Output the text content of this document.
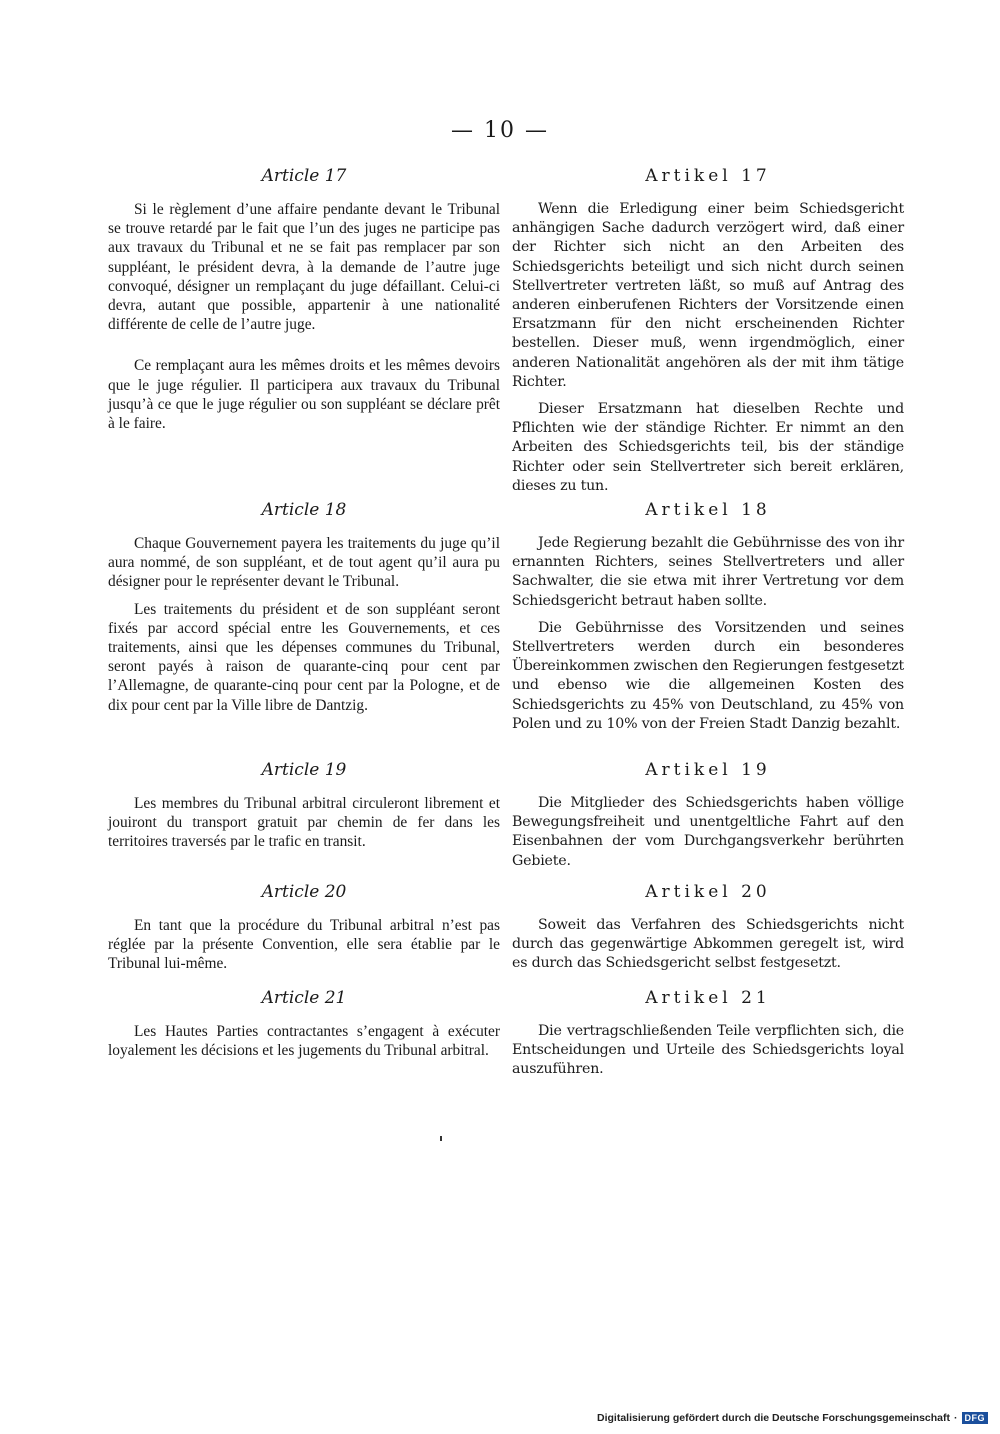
— 10 —
Article 17

Si le règlement d’une affaire pendante devant le Tribunal se trouve retardé par le fait que l’un des juges ne participe pas aux travaux du Tribunal et ne se fait pas remplacer par son suppléant, le président devra, à la demande de l’autre juge convoqué, désigner un remplaçant du juge défaillant. Celui-ci devra, autant que possible, appartenir à une nationalité différente de celle de l’autre juge.

Ce remplaçant aura les mêmes droits et les mêmes devoirs que le juge régulier. Il participera aux travaux du Tribunal jusqu’à ce que le juge régulier ou son suppléant se déclare prêt à le faire.

Article 18

Chaque Gouvernement payera les traitements du juge qu’il aura nommé, de son suppléant, et de tout agent qu’il aura pu désigner pour le représenter devant le Tribunal.

Les traitements du président et de son suppléant seront fixés par accord spécial entre les Gouvernements, et ces traitements, ainsi que les dépenses communes du Tribunal, seront payés à raison de quarante-cinq pour cent par l’Allemagne, de quarante-cinq pour cent par la Pologne, et de dix pour cent par la Ville libre de Dantzig.

Article 19

Les membres du Tribunal arbitral circuleront librement et jouiront du transport gratuit par chemin de fer dans les territoires traversés par le trafic en transit.

Article 20

En tant que la procédure du Tribunal arbitral n’est pas réglée par la présente Convention, elle sera établie par le Tribunal lui-même.

Article 21

Les Hautes Parties contractantes s’engagent à exécuter loyalement les décisions et les jugements du Tribunal arbitral.

Artikel 17

Wenn die Erledigung einer beim Schiedsgericht anhängigen Sache dadurch verzögert wird, daß einer der Richter sich nicht an den Arbeiten des Schiedsgerichts beteiligt und sich nicht durch seinen Stellvertreter vertreten läßt, so muß auf Antrag des anderen einberufenen Richters der Vorsitzende einen Ersatzmann für den nicht erscheinenden Richter bestellen. Dieser muß, wenn irgendmöglich, einer anderen Nationalität angehören als der mit ihm tätige Richter.

Dieser Ersatzmann hat dieselben Rechte und Pflichten wie der ständige Richter. Er nimmt an den Arbeiten des Schiedsgerichts teil, bis der ständige Richter oder sein Stellvertreter sich bereit erklären, dieses zu tun.

Artikel 18

Jede Regierung bezahlt die Gebührnisse des von ihr ernannten Richters, seines Stellvertreters und aller Sachwalter, die sie etwa mit ihrer Vertretung vor dem Schiedsgericht betraut haben sollte.

Die Gebührnisse des Vorsitzenden und seines Stellvertreters werden durch ein besonderes Übereinkommen zwischen den Regierungen festgesetzt und ebenso wie die allgemeinen Kosten des Schiedsgerichts zu 45% von Deutschland, zu 45% von Polen und zu 10% von der Freien Stadt Danzig bezahlt.

Artikel 19

Die Mitglieder des Schiedsgerichts haben völlige Bewegungsfreiheit und unentgeltliche Fahrt auf den Eisenbahnen der vom Durchgangsverkehr berührten Gebiete.

Artikel 20

Soweit das Verfahren des Schiedsgerichts nicht durch das gegenwärtige Abkommen geregelt ist, wird es durch das Schiedsgericht selbst festgesetzt.

Artikel 21

Die vertragschließenden Teile verpflichten sich, die Entscheidungen und Urteile des Schiedsgerichts loyal auszuführen.

Digitalisierung gefördert durch die Deutsche Forschungsgemeinschaft · DFG
